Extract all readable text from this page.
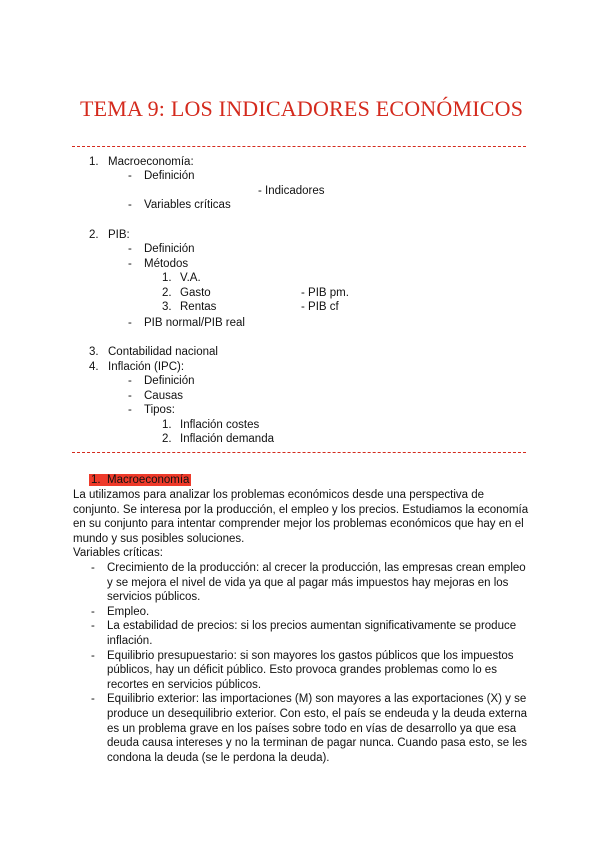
TEMA 9: LOS INDICADORES ECONÓMICOS
1. Macroeconomía:
- Definición
- Indicadores
- Variables críticas
2. PIB:
- Definición
- Métodos
1. V.A.
2. Gasto	- PIB pm.
3. Rentas	- PIB cf
- PIB normal/PIB real
3. Contabilidad nacional
4. Inflación (IPC):
- Definición
- Causas
- Tipos:
1. Inflación costes
2. Inflación demanda
1. Macroeconomía
La utilizamos para analizar los problemas económicos desde una perspectiva de conjunto. Se interesa por la producción, el empleo y los precios. Estudiamos la economía en su conjunto para intentar comprender mejor los problemas económicos que hay en el mundo y sus posibles soluciones.
Variables críticas:
- Crecimiento de la producción: al crecer la producción, las empresas crean empleo y se mejora el nivel de vida ya que al pagar más impuestos hay mejoras en los servicios públicos.
- Empleo.
- La estabilidad de precios: si los precios aumentan significativamente se produce inflación.
- Equilibrio presupuestario: si son mayores los gastos públicos que los impuestos públicos, hay un déficit público. Esto provoca grandes problemas como lo es recortes en servicios públicos.
- Equilibrio exterior: las importaciones (M) son mayores a las exportaciones (X) y se produce un desequilibrio exterior. Con esto, el país se endeuda y la deuda externa es un problema grave en los países sobre todo en vías de desarrollo ya que esa deuda causa intereses y no la terminan de pagar nunca. Cuando pasa esto, se les condona la deuda (se le perdona la deuda).
